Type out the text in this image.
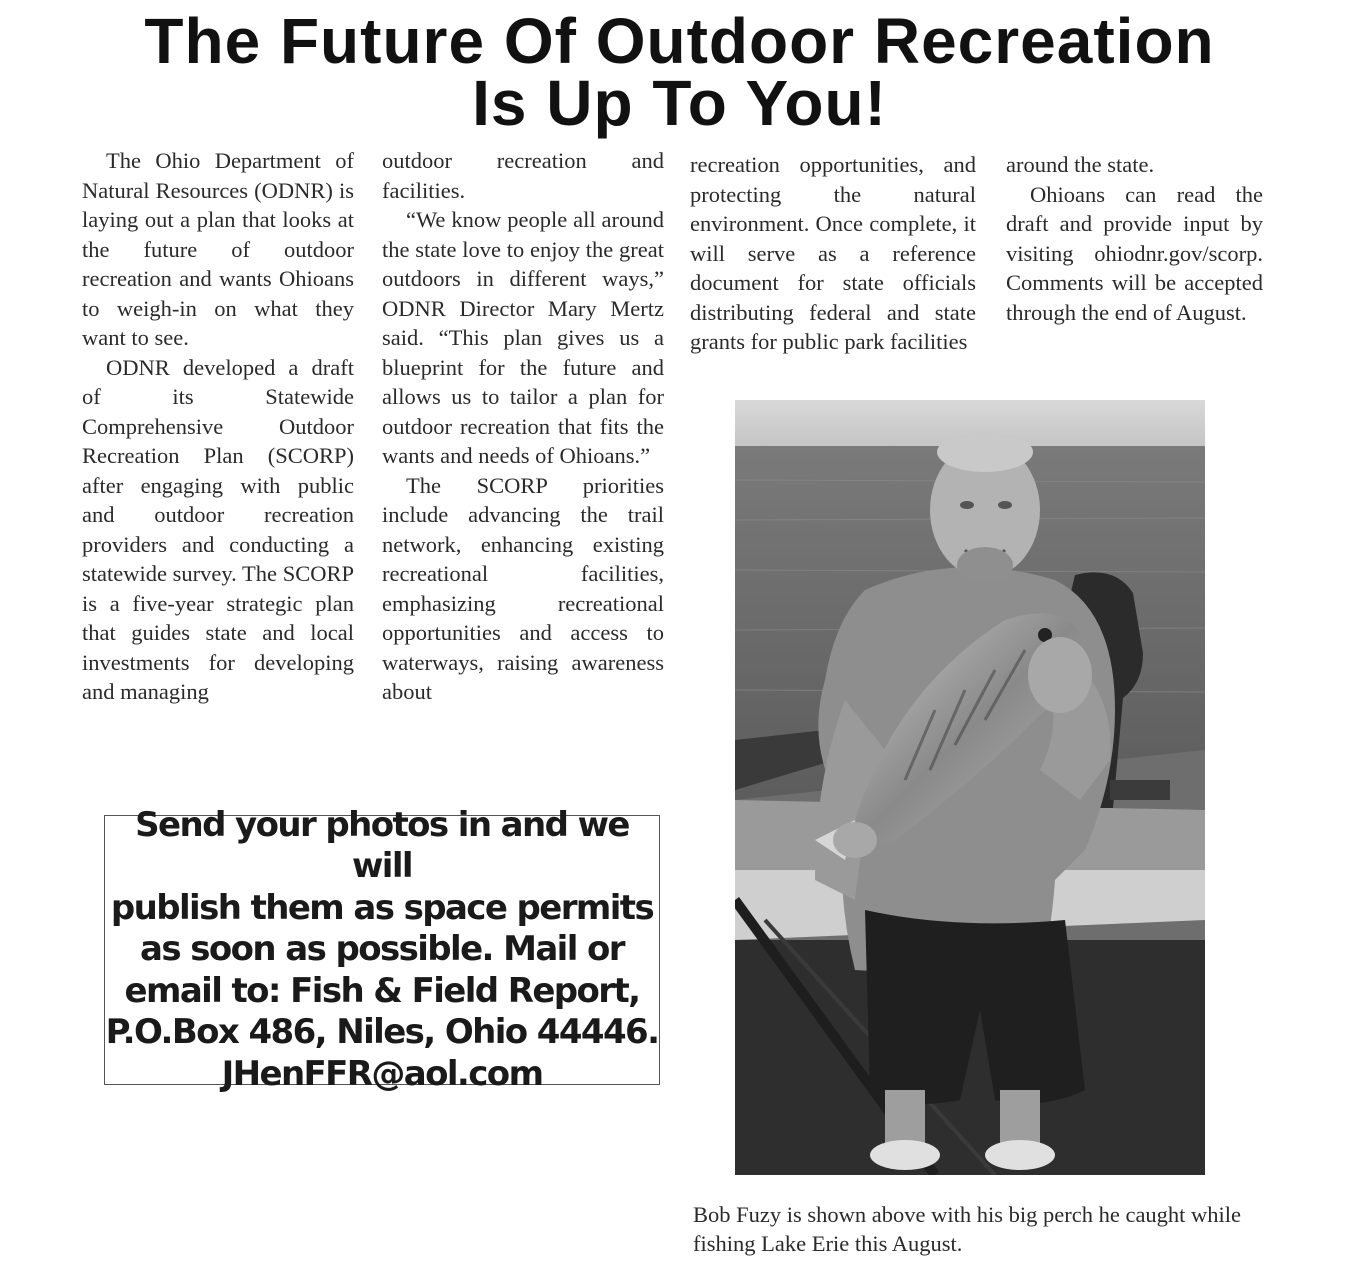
The Future Of Outdoor Recreation
Is Up To You!

The Ohio Department of Natural Resources (ODNR) is laying out a plan that looks at the future of outdoor recreation and wants Ohioans to weigh-in on what they want to see.

ODNR developed a draft of its Statewide Comprehensive Outdoor Recreation Plan (SCORP) after engaging with public and outdoor recreation providers and conducting a statewide survey. The SCORP is a five-year strategic plan that guides state and local investments for developing and managing

outdoor recreation and facilities.

“We know people all around the state love to enjoy the great outdoors in different ways,” ODNR Director Mary Mertz said. “This plan gives us a blueprint for the future and allows us to tailor a plan for outdoor recreation that fits the wants and needs of Ohioans.”

The SCORP priorities include advancing the trail network, enhancing existing recreational facilities, emphasizing recreational opportunities and access to waterways, raising awareness about

recreation opportunities, and protecting the natural environment. Once complete, it will serve as a reference document for state officials distributing federal and state grants for public park facilities

around the state.

Ohioans can read the draft and provide input by visiting ohiodnr.gov/scorp. Comments will be accepted through the end of August.

Send your photos in and we will
publish them as space permits
as soon as possible. Mail or
email to: Fish & Field Report,
P.O.Box 486, Niles, Ohio 44446.
JHenFFR@aol.com
Bob Fuzy is shown above with his big perch he caught while fishing Lake Erie this August.
